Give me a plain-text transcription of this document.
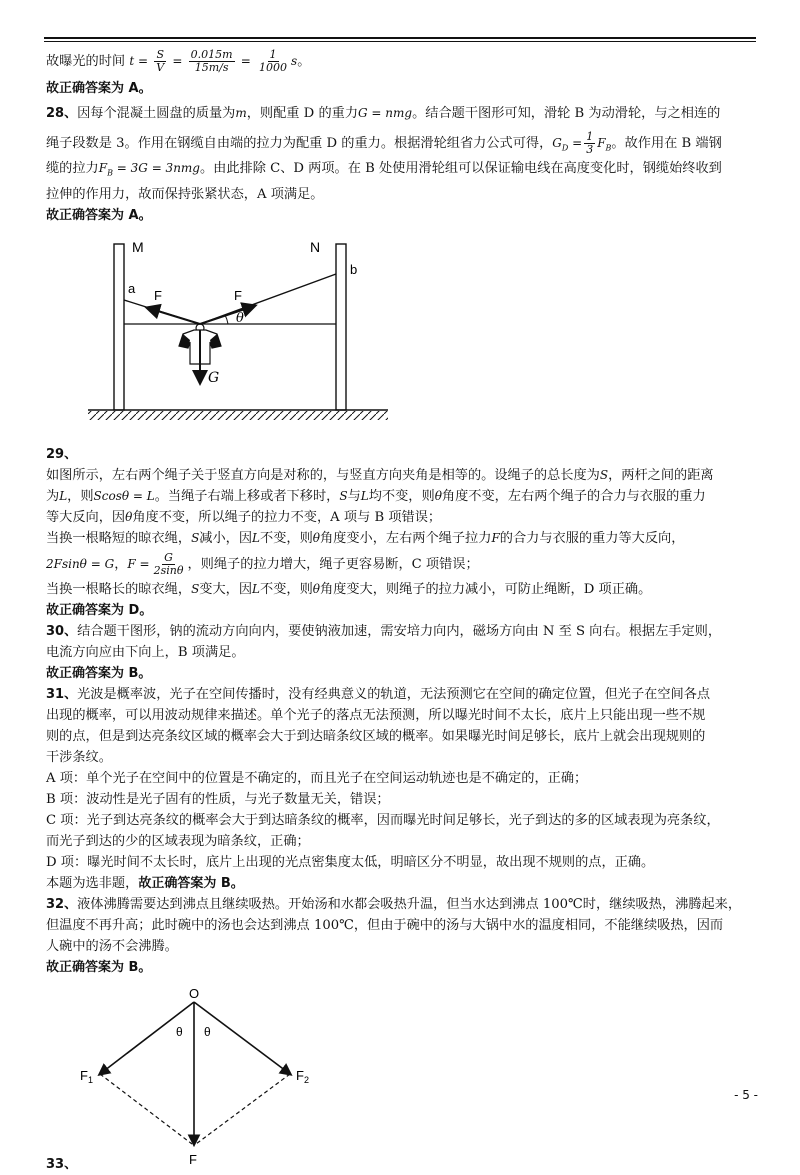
故曝光的时间 $t = \frac{S}{V} = \frac{0.015m}{15m/s} = \frac{1}{1000}$ s。
故正确答案为 A。
28、因每个混凝土圆盘的质量为m，则配重 D 的重力G = nmg。结合题干图形可知，滑轮 B 为动滑轮，与之相连的
绳子段数是 3。作用在钢缆自由端的拉力为配重 D 的重力。根据滑轮组省力公式可得，$G_D = \frac{1}{3} F_B$。故作用在 B 端钢
缆的拉力$F_B = 3G = 3nmg$。由此排除 C、D 两项。在 B 处使用滑轮组可以保证输电线在高度变化时，钢缆始终收到
拉伸的作用力，故而保持张紧状态，A 项满足。
故正确答案为 A。
M	N
a
b
F	F
θ
G
29、
如图所示，左右两个绳子关于竖直方向是对称的，与竖直方向夹角是相等的。设绳子的总长度为S，两杆之间的距离
为L，则Scosθ = L。当绳子右端上移或者下移时，S与L均不变，则θ角度不变，左右两个绳子的合力与衣服的重力
等大反向，因θ角度不变，所以绳子的拉力不变，A 项与 B 项错误；
当换一根略短的晾衣绳，S减小，因L不变，则θ角度变小，左右两个绳子拉力F的合力与衣服的重力等大反向，
2Fsinθ = G，$F = \frac{G}{2\sin\theta}$ ，则绳子的拉力增大，绳子更容易断，C 项错误；
当换一根略长的晾衣绳，S变大，因L不变，则θ角度变大，则绳子的拉力减小，可防止绳断，D 项正确。
故正确答案为 D。
30、结合题干图形，钠的流动方向向内，要使钠液加速，需安培力向内，磁场方向由 N 至 S 向右。根据左手定则，
电流方向应由下向上，B 项满足。
故正确答案为 B。
31、光波是概率波，光子在空间传播时，没有经典意义的轨道，无法预测它在空间的确定位置，但光子在空间各点
出现的概率，可以用波动规律来描述。单个光子的落点无法预测，所以曝光时间不太长，底片上只能出现一些不规
则的点，但是到达亮条纹区域的概率会大于到达暗条纹区域的概率。如果曝光时间足够长，底片上就会出现规则的
干涉条纹。
A 项：单个光子在空间中的位置是不确定的，而且光子在空间运动轨迹也是不确定的，正确；
B 项：波动性是光子固有的性质，与光子数量无关，错误；
C 项：光子到达亮条纹的概率会大于到达暗条纹的概率，因而曝光时间足够长，光子到达的多的区域表现为亮条纹，
而光子到达的少的区域表现为暗条纹，正确；
D 项：曝光时间不太长时，底片上出现的光点密集度太低，明暗区分不明显，故出现不规则的点，正确。
本题为选非题，故正确答案为 B。
32、液体沸腾需要达到沸点且继续吸热。开始汤和水都会吸热升温，但当水达到沸点 100℃时，继续吸热，沸腾起来，
但温度不再升高；此时碗中的汤也会达到沸点 100℃，但由于碗中的汤与大锅中水的温度相同，不能继续吸热，因而
人碗中的汤不会沸腾。
故正确答案为 B。
O
θ θ
$F_1$	$F_2$
F
33、
- 5 -
